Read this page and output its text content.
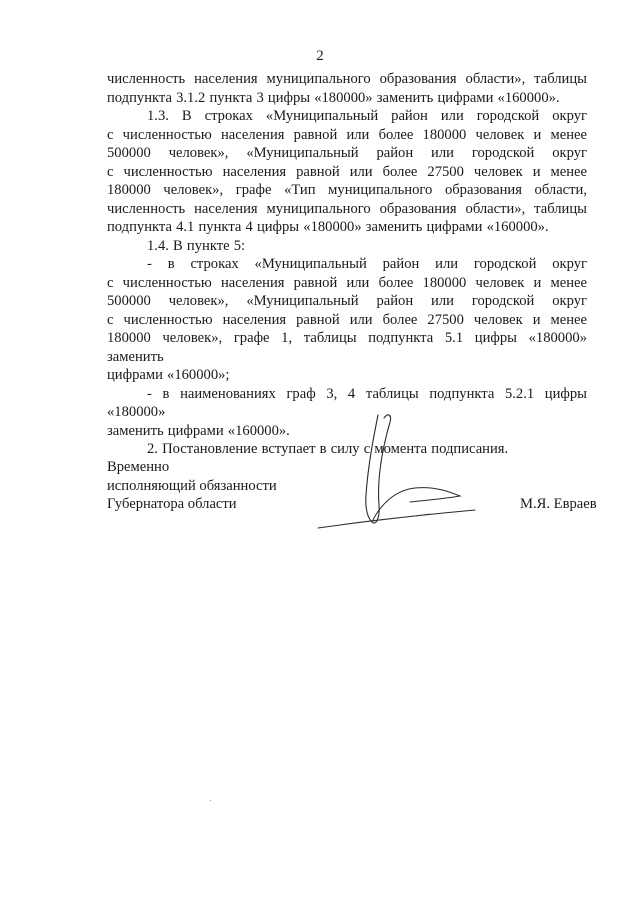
2
численность населения муниципального образования области», таблицы
подпункта 3.1.2 пункта 3 цифры «180000» заменить цифрами «160000».
1.3. В строках «Муниципальный район или городской округ
с численностью населения равной или более 180000 человек и менее
500000 человек», «Муниципальный район или городской округ
с численностью населения равной или более 27500 человек и менее
180000 человек», графе «Тип муниципального образования области,
численность населения муниципального образования области», таблицы
подпункта 4.1 пункта 4 цифры «180000» заменить цифрами «160000».
1.4. В пункте 5:
- в строках «Муниципальный район или городской округ
с численностью населения равной или более 180000 человек и менее
500000 человек», «Муниципальный район или городской округ
с численностью населения равной или более 27500 человек и менее
180000 человек», графе 1, таблицы подпункта 5.1 цифры «180000» заменить
цифрами «160000»;
- в наименованиях граф 3, 4 таблицы подпункта 5.2.1 цифры «180000»
заменить цифрами «160000».
2. Постановление вступает в силу с момента подписания.
Временно
исполняющий обязанности
Губернатора области	М.Я. Евраев
